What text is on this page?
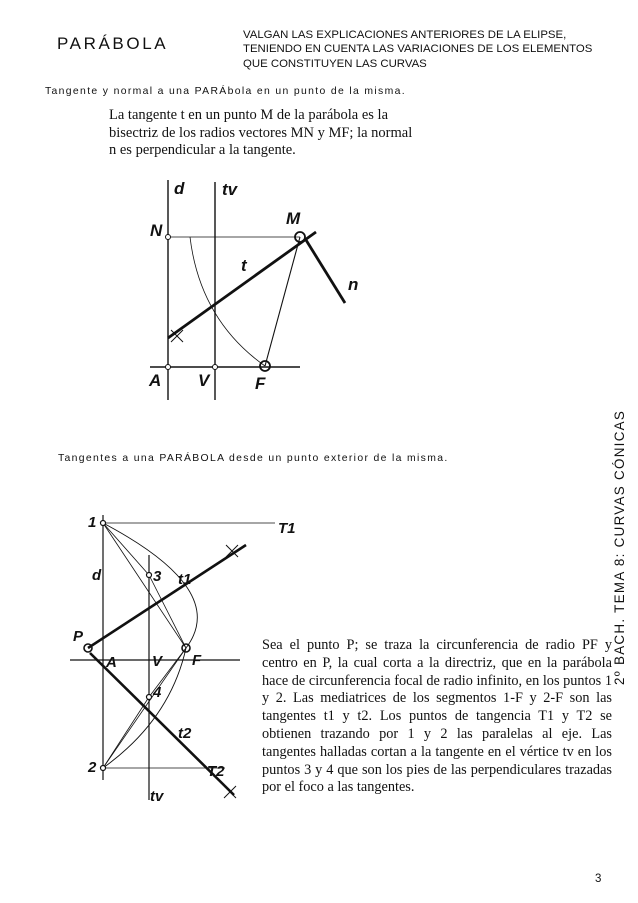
PARÁBOLA	VALGAN LAS EXPLICACIONES ANTERIORES DE LA ELIPSE, TENIENDO EN CUENTA LAS VARIACIONES DE LOS ELEMENTOS QUE CONSTITUYEN LAS CURVAS
Tangente y normal a una PARÁbola en un punto de la misma.
La tangente t en un punto M de la parábola es la bisectriz de los radios vectores MN y MF; la normal n es perpendicular a la tangente.
d tv
N
M
t
n
A V	F
Tangentes a una PARÁBOLA desde un punto exterior de la misma.
1	T1
d	3 t1
P
A V F
4
t2
2	T2
tv
Sea el punto P; se traza la circunferencia de radio PF y centro en P, la cual corta a la directriz, que en la parábola hace de circunferencia focal de radio infinito, en los puntos 1 y 2. Las mediatrices de los segmentos 1-F y 2-F son las tangentes t1 y t2. Los puntos de tangencia T1 y T2 se obtienen trazando por 1 y 2 las paralelas al eje. Las tangentes halladas cortan a la tangente en el vértice tv en los puntos 3 y 4 que son los pies de las perpendiculares trazadas por el foco a las tangentes.
2º BACH. TEMA 8: CURVAS CÓNICAS
3
